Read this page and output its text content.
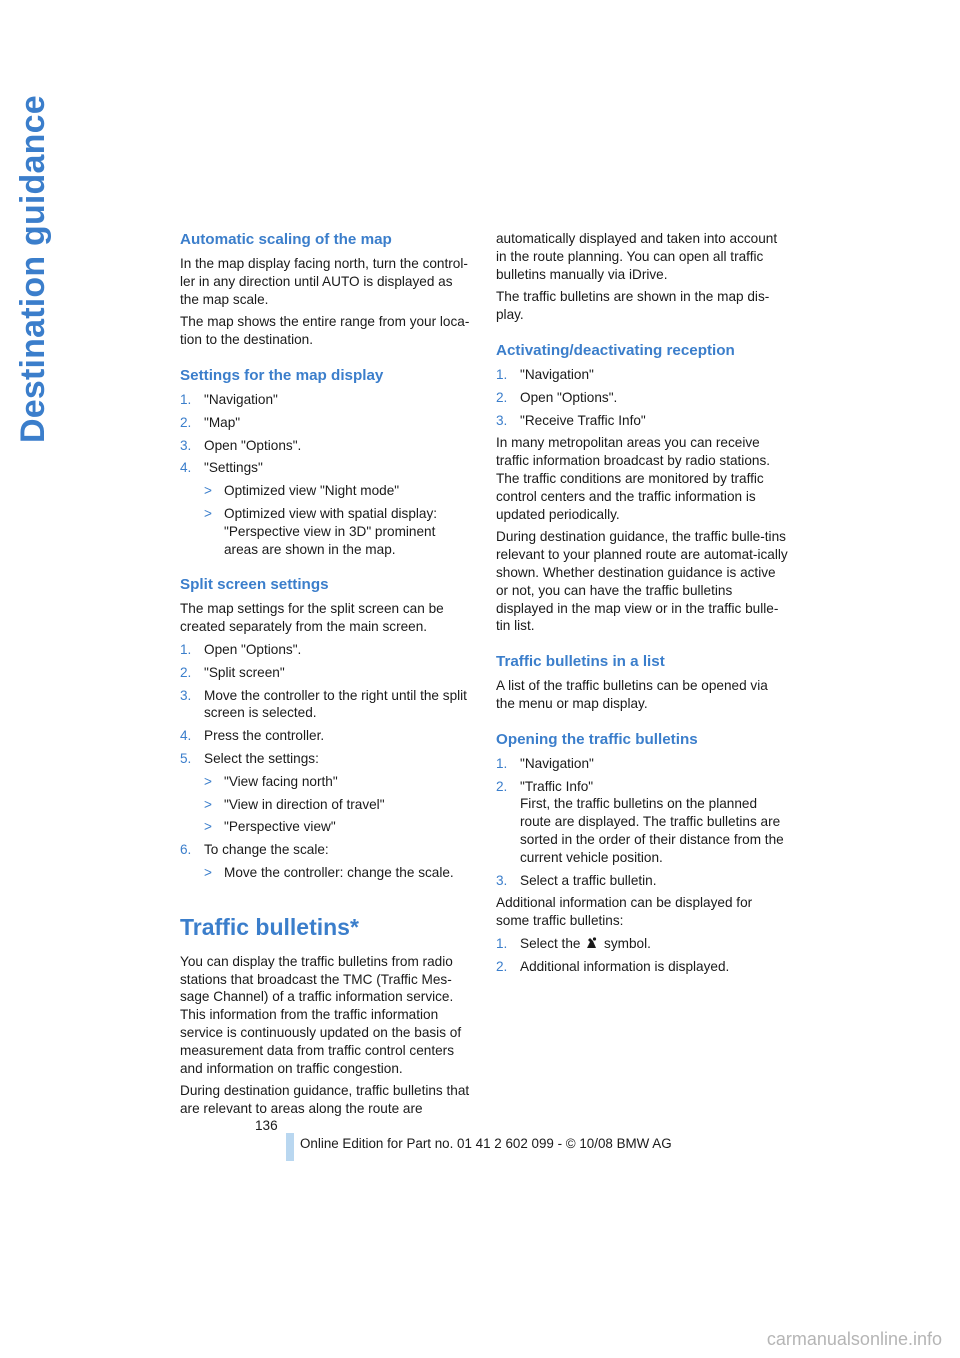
Destination guidance	Automatic scaling of the map

In the map display facing north, turn the control-ler in any direction until AUTO is displayed as the map scale.

The map shows the entire range from your loca-tion to the destination.

Settings for the map display
1. "Navigation"
2. "Map"
3. Open "Options".
4. "Settings"
> Optimized view "Night mode"
> Optimized view with spatial display: "Perspective view in 3D" prominent areas are shown in the map.
Split screen settings

The map settings for the split screen can be created separately from the main screen.

1. Open "Options".
2. "Split screen"
3. Move the controller to the right until the split screen is selected.
4. Press the controller.
5. Select the settings:
> "View facing north"
> "View in direction of travel"
> "Perspective view"
6. To change the scale:
> Move the controller: change the scale.
Traffic bulletins*

You can display the traffic bulletins from radio stations that broadcast the TMC (Traffic Mes-sage Channel) of a traffic information service. This information from the traffic information service is continuously updated on the basis of measurement data from traffic control centers and information on traffic congestion.

During destination guidance, traffic bulletins that are relevant to areas along the route are

automatically displayed and taken into account in the route planning. You can open all traffic bulletins manually via iDrive.

The traffic bulletins are shown in the map dis-play.

Activating/deactivating reception
1. "Navigation"
2. Open "Options".
3. "Receive Traffic Info"

In many metropolitan areas you can receive traffic information broadcast by radio stations. The traffic conditions are monitored by traffic control centers and the traffic information is updated periodically.

During destination guidance, the traffic bulle-tins relevant to your planned route are automat-ically shown. Whether destination guidance is active or not, you can have the traffic bulletins displayed in the map view or in the traffic bulle-tin list.

Traffic bulletins in a list

A list of the traffic bulletins can be opened via the menu or map display.

Opening the traffic bulletins
1. "Navigation"
2. "Traffic Info"
First, the traffic bulletins on the planned route are displayed. The traffic bulletins are sorted in the order of their distance from the current vehicle position.
3. Select a traffic bulletin.

Additional information can be displayed for some traffic bulletins:

1. Select the symbol.
2. Additional information is displayed.
136
Online Edition for Part no. 01 41 2 602 099 - © 10/08 BMW AG
carmanualsonline.info
